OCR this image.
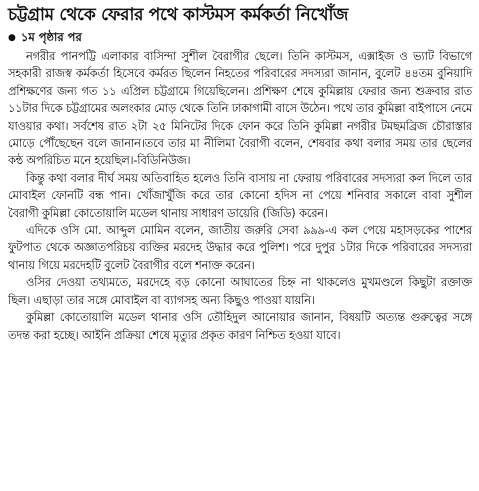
চট্টগ্রাম থেকে ফেরার পথে কাস্টমস কর্মকর্তা নিখোঁজ
● ১ম পৃষ্ঠার পর

নগরীর পানপট্টি এলাকার বাসিন্দা সুশীল বৈরাগীর ছেলে। তিনি কাস্টমস, এক্সাইজ ও ভ্যাট বিভাগে সহকারী রাজস্ব কর্মকর্তা হিসেবে কর্মরত ছিলেন নিহতের পরিবারের সদস্যরা জানান, বুলেট ৪৪তম বুনিয়াদি প্রশিক্ষণের জন্য গত ১১ এপ্রিল চট্টগ্রামে গিয়েছিলেন। প্রশিক্ষণ শেষে কুমিল্লায় ফেরার জন্য শুক্রবার রাত ১১টার দিকে চট্টগ্রামের অলংকার মোড় থেকে তিনি ঢাকাগামী বাসে উঠেন। পথে তার কুমিল্লা বাইপাসে নেমে যাওয়ার কথা। সর্বশেষ রাত ২টা ২৫ মিনিটের দিকে ফোন করে তিনি কুমিল্লা নগরীর টমছমব্রিজ চৌরাস্তার মোড়ে পৌঁছেছেন বলে জানান।তবে তার মা নীলিমা বৈরাগী বলেন, শেষবার কথা বলার সময় তার ছেলের কন্ঠ অপরিচিত মনে হয়েছিল।-বিডিনিউজ।

কিন্তু কথা বলার দীর্ঘ সময় অতিবাহিত হলেও তিনি বাসায় না ফেরায় পরিবারের সদস্যরা কল দিলে তার মোবাইল ফোনটি বন্ধ পান। খোঁজাখুঁজি করে তার কোনো হদিস না পেয়ে শনিবার সকালে বাবা সুশীল বৈরাগী কুমিল্লা কোতোয়ালি মডেল থানায় সাধারণ ডায়েরি (জিডি) করেন।

এদিকে ওসি মো. আব্দুল মোমিন বলেন, জাতীয় জরুরি সেবা ৯৯৯-এ কল পেয়ে মহাসড়কের পাশের ফুটপাত থেকে অজ্ঞাতপরিচয় ব্যক্তির মরদেহ উদ্ধার করে পুলিশ। পরে দুপুর ১টার দিকে পরিবারের সদস্যরা থানায় গিয়ে মরদেহটি বুলেট বৈরাগীর বলে শনাক্ত করেন।

ওসির দেওয়া তথ্যমতে, মরদেহে বড় কোনো আঘাতের চিহ্ন না থাকলেও মুখমণ্ডলে কিছুটা রক্তাক্ত ছিল। এছাড়া তার সঙ্গে মোবাইল বা ব্যাগসহ অন্য কিছুও পাওয়া যায়নি।

কুমিল্লা কোতোয়ালি মডেল থানার ওসি তৌহিদুল আনোয়ার জানান, বিষয়টি অত্যন্ত গুরুত্বের সঙ্গে তদন্ত করা হচ্ছে। আইনি প্রক্রিয়া শেষে মৃত্যুর প্রকৃত কারণ নিশ্চিত হওয়া যাবে।
